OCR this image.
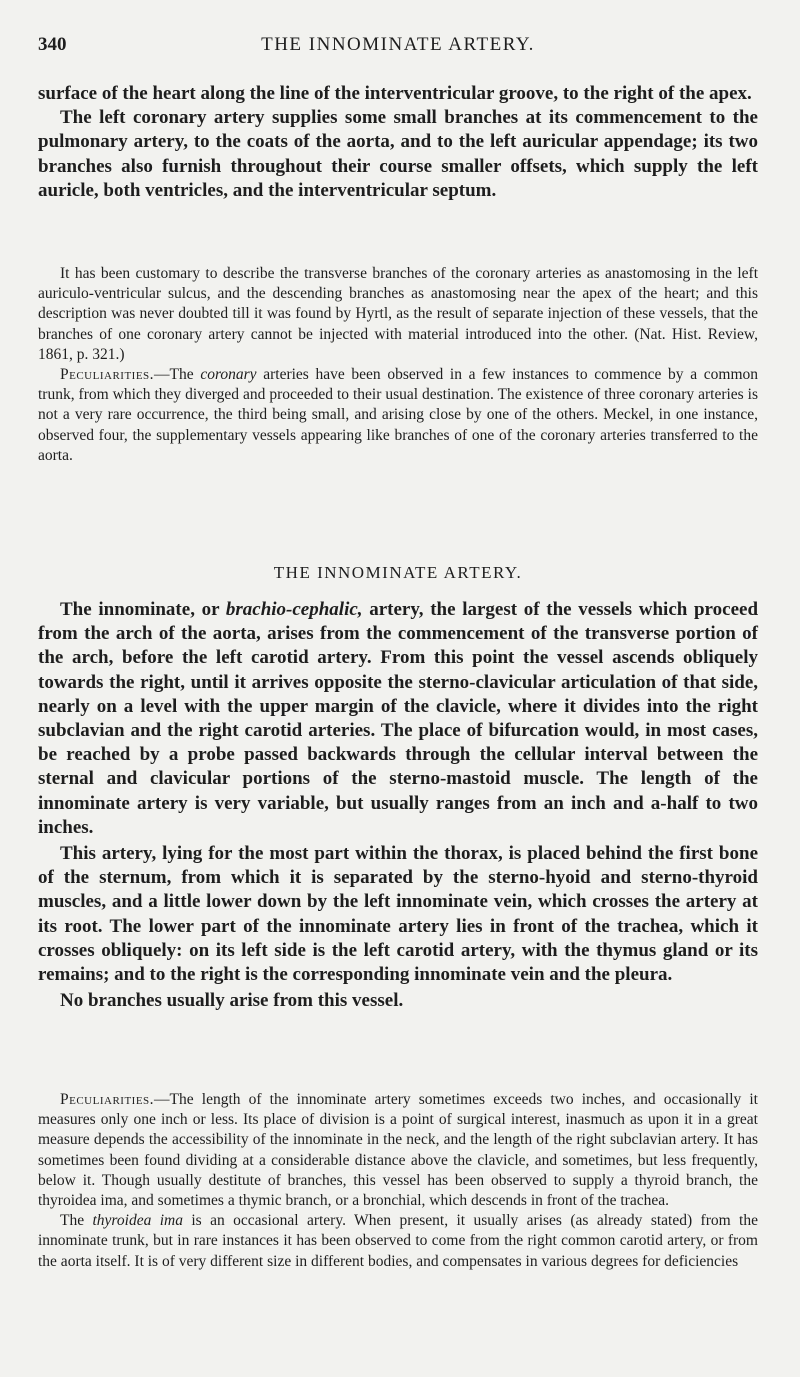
340	THE INNOMINATE ARTERY.

surface of the heart along the line of the interventricular groove, to the right of the apex.

The left coronary artery supplies some small branches at its commencement to the pulmonary artery, to the coats of the aorta, and to the left auricular appendage; its two branches also furnish throughout their course smaller offsets, which supply the left auricle, both ventricles, and the interventricular septum.

It has been customary to describe the transverse branches of the coronary arteries as anastomosing in the left auriculo-ventricular sulcus, and the descending branches as anastomosing near the apex of the heart; and this description was never doubted till it was found by Hyrtl, as the result of separate injection of these vessels, that the branches of one coronary artery cannot be injected with material introduced into the other. (Nat. Hist. Review, 1861, p. 321.)

Peculiarities.—The coronary arteries have been observed in a few instances to commence by a common trunk, from which they diverged and proceeded to their usual destination. The existence of three coronary arteries is not a very rare occurrence, the third being small, and arising close by one of the others. Meckel, in one instance, observed four, the supplementary vessels appearing like branches of one of the coronary arteries transferred to the aorta.

THE INNOMINATE ARTERY.

The innominate, or brachio-cephalic, artery, the largest of the vessels which proceed from the arch of the aorta, arises from the commencement of the transverse portion of the arch, before the left carotid artery. From this point the vessel ascends obliquely towards the right, until it arrives opposite the sterno-clavicular articulation of that side, nearly on a level with the upper margin of the clavicle, where it divides into the right subclavian and the right carotid arteries. The place of bifurcation would, in most cases, be reached by a probe passed backwards through the cellular interval between the sternal and clavicular portions of the sterno-mastoid muscle. The length of the innominate artery is very variable, but usually ranges from an inch and a-half to two inches.

This artery, lying for the most part within the thorax, is placed behind the first bone of the sternum, from which it is separated by the sterno-hyoid and sterno-thyroid muscles, and a little lower down by the left innominate vein, which crosses the artery at its root. The lower part of the innominate artery lies in front of the trachea, which it crosses obliquely: on its left side is the left carotid artery, with the thymus gland or its remains; and to the right is the corresponding innominate vein and the pleura.

No branches usually arise from this vessel.

Peculiarities.—The length of the innominate artery sometimes exceeds two inches, and occasionally it measures only one inch or less. Its place of division is a point of surgical interest, inasmuch as upon it in a great measure depends the accessibility of the innominate in the neck, and the length of the right subclavian artery. It has sometimes been found dividing at a considerable distance above the clavicle, and sometimes, but less frequently, below it. Though usually destitute of branches, this vessel has been observed to supply a thyroid branch, the thyroidea ima, and sometimes a thymic branch, or a bronchial, which descends in front of the trachea.

The thyroidea ima is an occasional artery. When present, it usually arises (as already stated) from the innominate trunk, but in rare instances it has been observed to come from the right common carotid artery, or from the aorta itself. It is of very different size in different bodies, and compensates in various degrees for deficiencies
